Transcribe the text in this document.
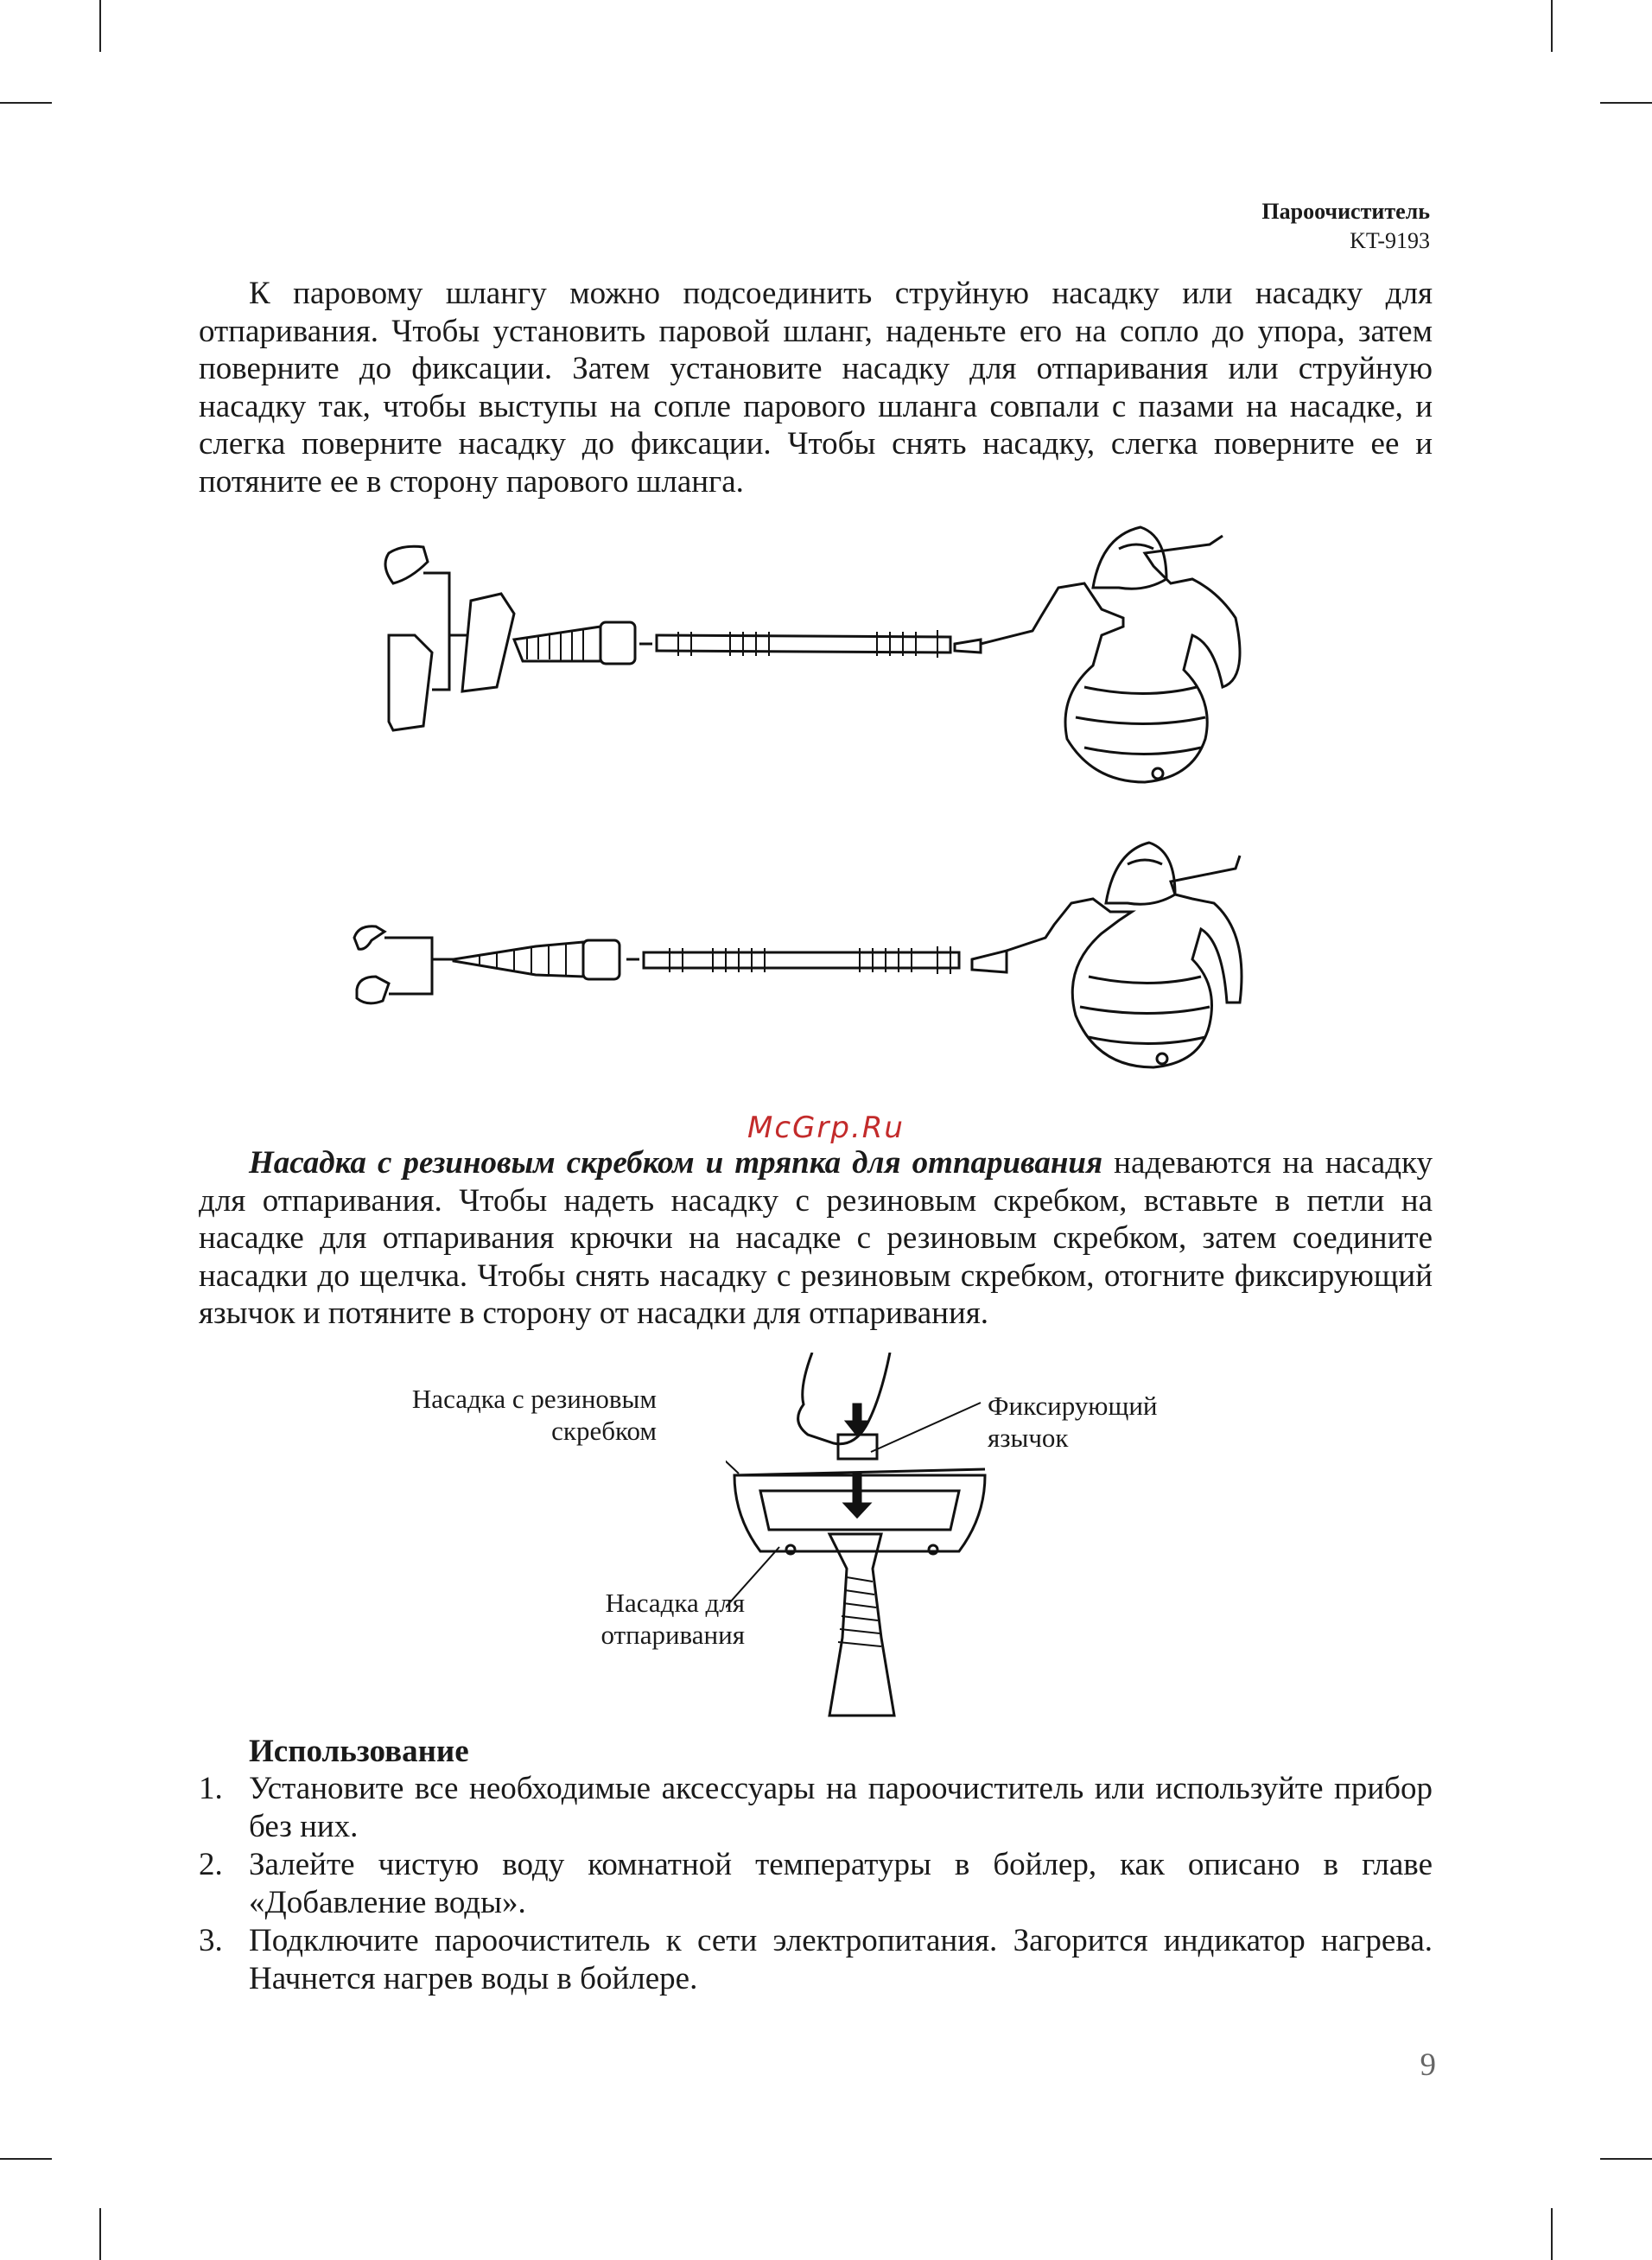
Пароочиститель
KT-9193

К паровому шлангу можно подсоединить струйную насадку или насадку для отпаривания. Чтобы установить паровой шланг, наденьте его на сопло до упора, затем поверните до фиксации. Затем установите насадку для отпаривания или струйную насадку так, чтобы выступы на сопле парового шланга совпали с пазами на насадке, и слегка поверните насадку до фиксации. Чтобы снять насадку, слегка поверните ее и потяните ее в сторону парового шланга.

McGrp.Ru

Насадка с резиновым скребком и тряпка для отпаривания надеваются на насадку для отпаривания. Чтобы надеть насадку с резиновым скребком, вставьте в петли на насадке для отпаривания крючки на насадке с резиновым скребком, затем соедините насадки до щелчка. Чтобы снять насадку с резиновым скребком, отогните фиксирующий язычок и потяните в сторону от насадки для отпаривания.

Насадка с резиновым
скребком
Фиксирующий
язычок
Насадка для
отпаривания
Использование
1. Установите все необходимые аксессуары на пароочиститель или используйте прибор без них.
2. Залейте чистую воду комнатной температуры в бойлер, как описано в главе «Добавление воды».
3. Подключите пароочиститель к сети электропитания. Загорится индикатор нагрева. Начнется нагрев воды в бойлере.
9
